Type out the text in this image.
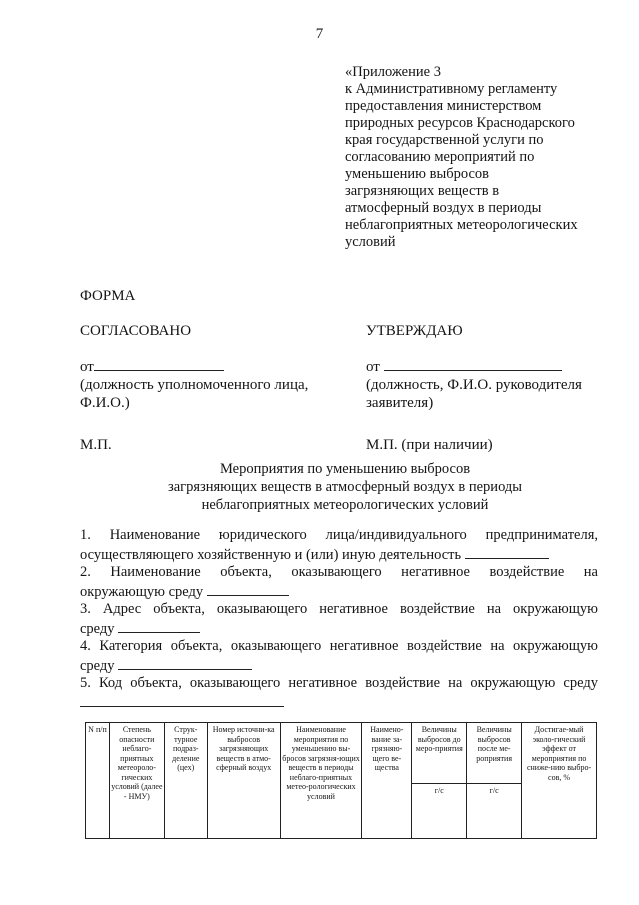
7
«Приложение 3
к Административному регламенту
предоставления министерством
природных ресурсов Краснодарского
края государственной услуги по
согласованию мероприятий по
уменьшению выбросов
загрязняющих веществ в
атмосферный воздух в периоды
неблагоприятных метеорологических
условий
ФОРМА
СОГЛАСОВАНО
от
(должность уполномоченного лица,
Ф.И.О.)
М.П.
УТВЕРЖДАЮ
от
(должность, Ф.И.О. руководителя
заявителя)
М.П. (при наличии)
Мероприятия по уменьшению выбросов
загрязняющих веществ в атмосферный воздух в периоды
неблагоприятных метеорологических условий
1. Наименование юридического лица/индивидуального предпринимателя,
осуществляющего хозяйственную и (или) иную деятельность
2. Наименование объекта, оказывающего негативное воздействие на
окружающую среду
3. Адрес объекта, оказывающего негативное воздействие на окружающую
среду
4. Категория объекта, оказывающего негативное воздействие на окружающую
среду
5. Код объекта, оказывающего негативное воздействие на окружающую среду
N п/п	Степень опасности неблаго-приятных метеороло-гических условий (далее - НМУ)	Струк-турное подраз-деление (цех)	Номер источни-ка выбросов загрязняющих веществ в атмо-сферный воздух	Наименование мероприятия по уменьшению вы-бросов загрязня-ющих веществ в периоды неблаго-приятных метео-рологических условий	Наимено-вание за-грязняю-щего ве-щества	Величины выбросов до меро-приятия	Величины выбросов после ме-роприятия	Достигае-мый эколо-гический эффект от мероприятия по сниже-нию выбро-сов, %
						г/с	г/с	
